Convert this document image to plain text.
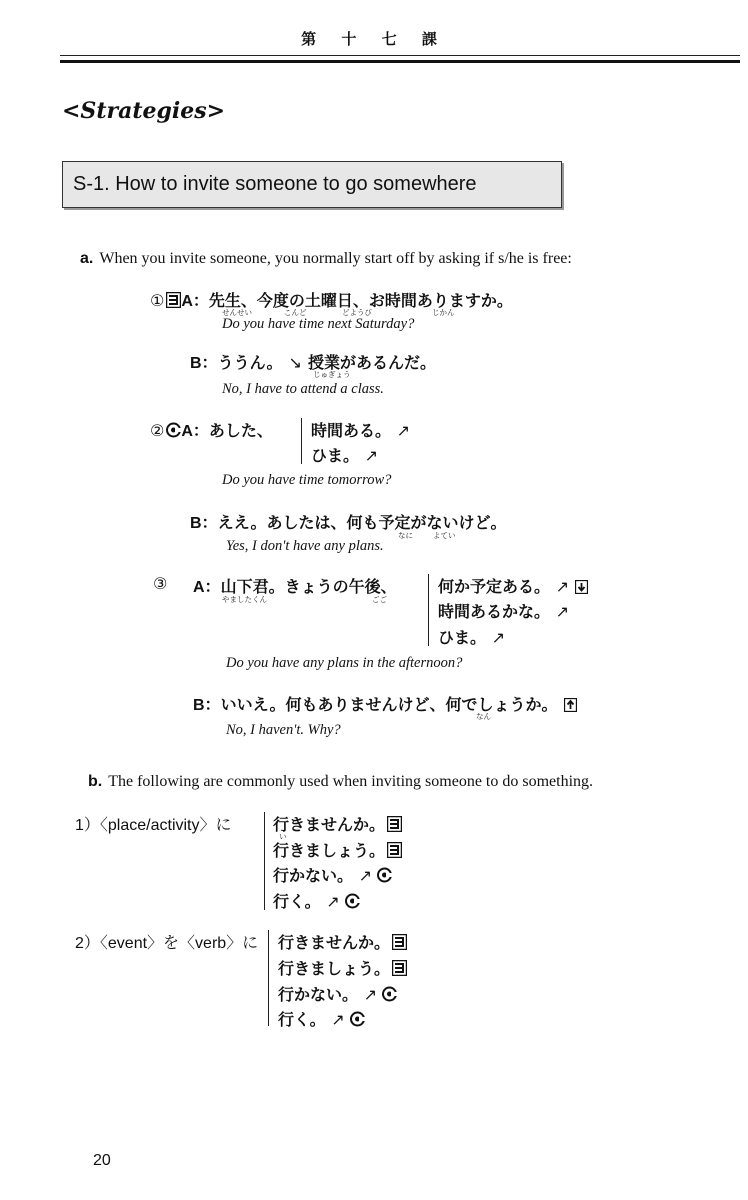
第 十 七 課
<Strategies>
S-1. How to invite someone to go somewhere
a. When you invite someone, you normally start off by asking if s/he is free:
① A：先生、今度の土曜日、お時間ありますか。
せんせい	こんど	どようび	じかん
Do you have time next Saturday?
B：ううん。 ↘ 授業があるんだ。
じゅぎょう
No, I have to attend a class.
② A：あした、 時間ある。 ↗
ひま。 ↗
Do you have time tomorrow?
B：ええ。あしたは、何も予定がないけど。
なに	よてい
Yes, I don't have any plans.
③ A：山下君。きょうの午後、
やましたくん	ごご
何か予定ある。 ↗
時間あるかな。 ↗
ひま。 ↗
Do you have any plans in the afternoon?
B：いいえ。何もありませんけど、何でしょうか。
なん
No, I haven't. Why?
b. The following are commonly used when inviting someone to do something.
1）〈place/activity〉に	行きませんか。
い
行きましょう。
行かない。 ↗
行く。 ↗
2）〈event〉を〈verb〉に 行きませんか。
行きましょう。
行かない。 ↗
行く。 ↗
20
